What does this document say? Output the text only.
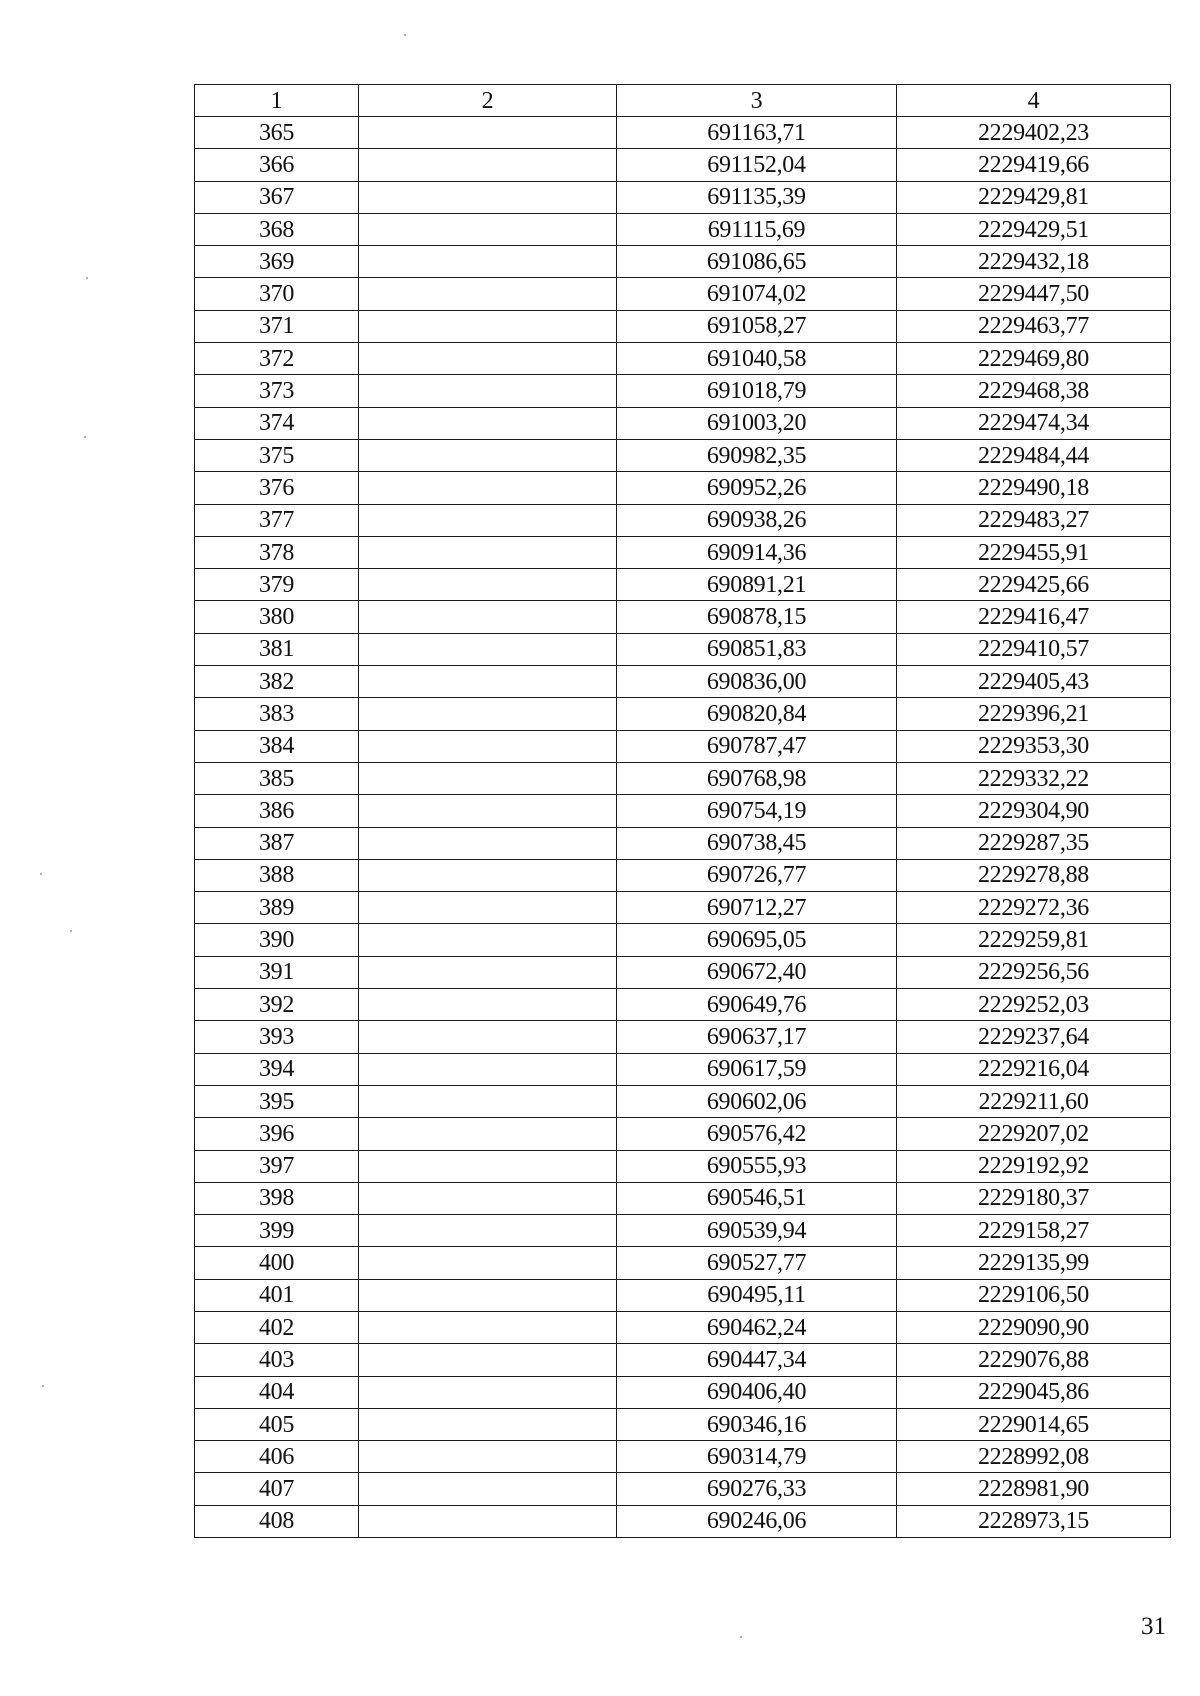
1	2	3	4
365		691163,71	2229402,23
366		691152,04	2229419,66
367		691135,39	2229429,81
368		691115,69	2229429,51
369		691086,65	2229432,18
370		691074,02	2229447,50
371		691058,27	2229463,77
372		691040,58	2229469,80
373		691018,79	2229468,38
374		691003,20	2229474,34
375		690982,35	2229484,44
376		690952,26	2229490,18
377		690938,26	2229483,27
378		690914,36	2229455,91
379		690891,21	2229425,66
380		690878,15	2229416,47
381		690851,83	2229410,57
382		690836,00	2229405,43
383		690820,84	2229396,21
384		690787,47	2229353,30
385		690768,98	2229332,22
386		690754,19	2229304,90
387		690738,45	2229287,35
388		690726,77	2229278,88
389		690712,27	2229272,36
390		690695,05	2229259,81
391		690672,40	2229256,56
392		690649,76	2229252,03
393		690637,17	2229237,64
394		690617,59	2229216,04
395		690602,06	2229211,60
396		690576,42	2229207,02
397		690555,93	2229192,92
398		690546,51	2229180,37
399		690539,94	2229158,27
400		690527,77	2229135,99
401		690495,11	2229106,50
402		690462,24	2229090,90
403		690447,34	2229076,88
404		690406,40	2229045,86
405		690346,16	2229014,65
406		690314,79	2228992,08
407		690276,33	2228981,90
408		690246,06	2228973,15
31
